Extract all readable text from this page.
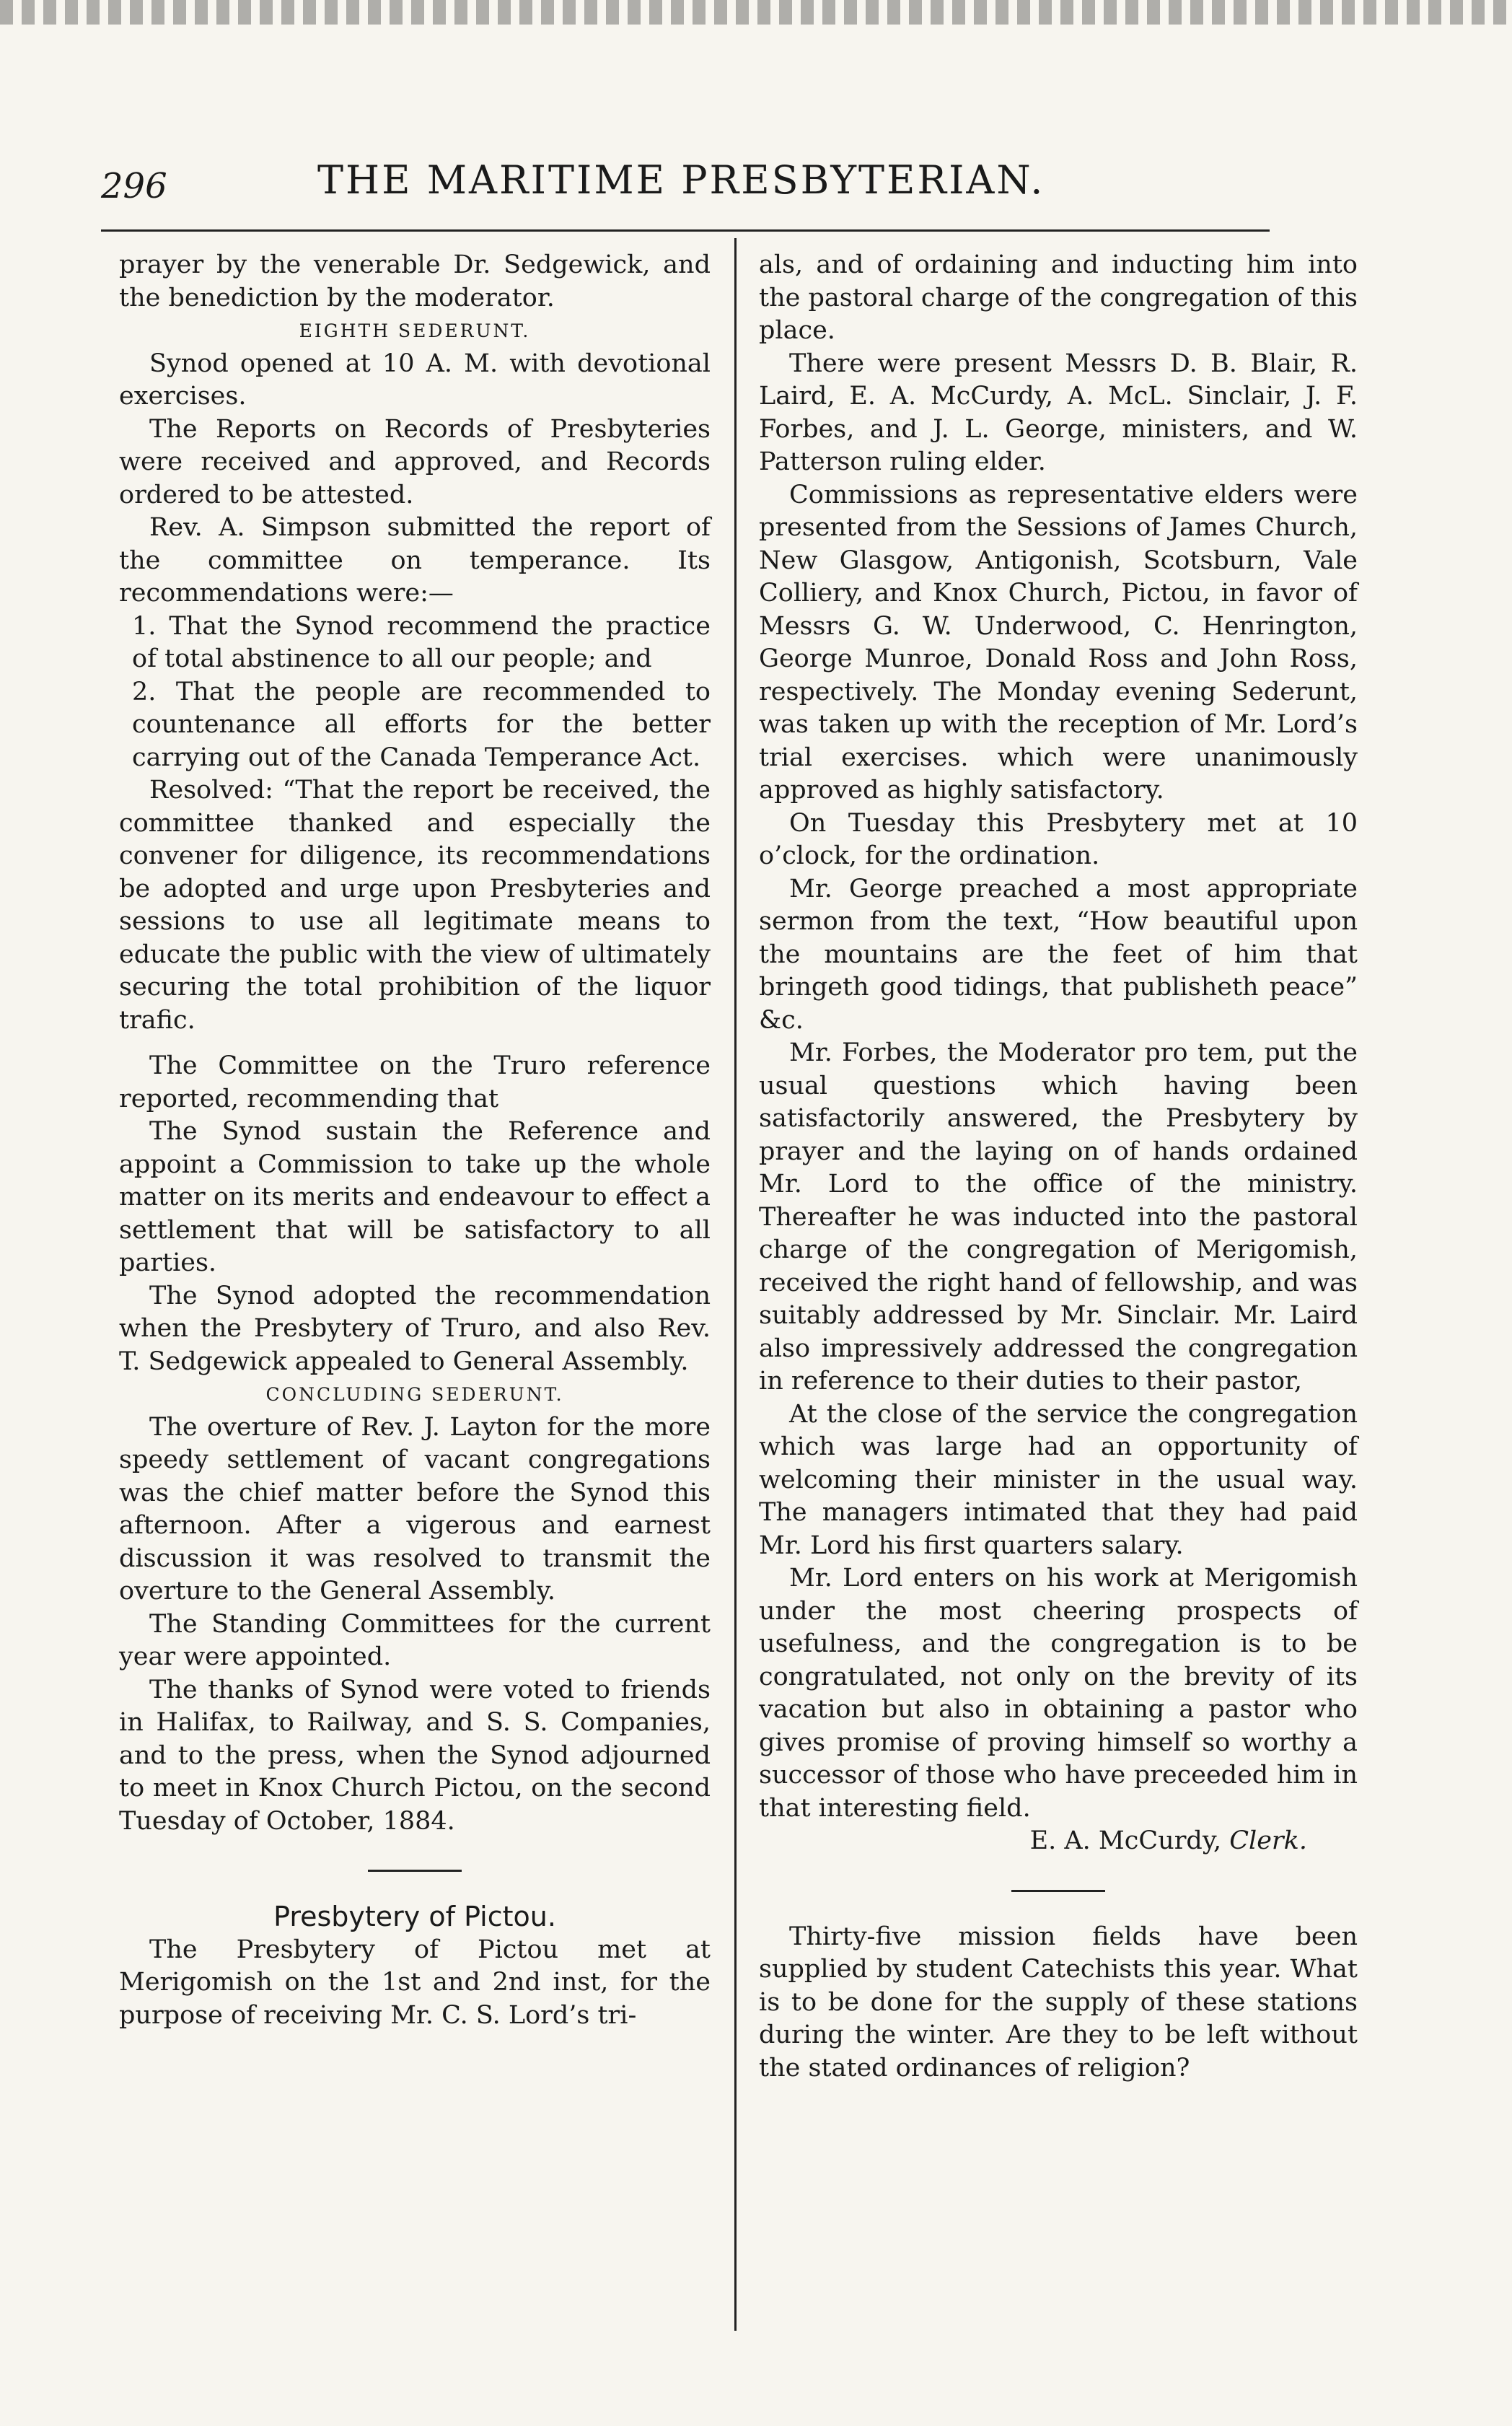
296	THE MARITIME PRESBYTERIAN.

prayer by the venerable Dr. Sedgewick, and the benediction by the moderator.

EIGHTH SEDERUNT.

Synod opened at 10 A. M. with devotional exercises.

The Reports on Records of Presbyteries were received and approved, and Records ordered to be attested.

Rev. A. Simpson submitted the report of the committee on temperance. Its recommendations were:—

1. That the Synod recommend the practice of total abstinence to all our people; and

2. That the people are recommended to countenance all efforts for the better carrying out of the Canada Temperance Act.

Resolved: “That the report be received, the committee thanked and especially the convener for diligence, its recommendations be adopted and urge upon Presbyteries and sessions to use all legitimate means to educate the public with the view of ultimately securing the total prohibition of the liquor trafic.

The Committee on the Truro reference reported, recommending that

The Synod sustain the Reference and appoint a Commission to take up the whole matter on its merits and endeavour to effect a settlement that will be satisfactory to all parties.

The Synod adopted the recommendation when the Presbytery of Truro, and also Rev. T. Sedgewick appealed to General Assembly.

CONCLUDING SEDERUNT.

The overture of Rev. J. Layton for the more speedy settlement of vacant congregations was the chief matter before the Synod this afternoon. After a vigerous and earnest discussion it was resolved to transmit the overture to the General Assembly.

The Standing Committees for the current year were appointed.

The thanks of Synod were voted to friends in Halifax, to Railway, and S. S. Companies, and to the press, when the Synod adjourned to meet in Knox Church Pictou, on the second Tuesday of October, 1884.

Presbytery of Pictou.

The Presbytery of Pictou met at Merigomish on the 1st and 2nd inst, for the purpose of receiving Mr. C. S. Lord’s tri-

als, and of ordaining and inducting him into the pastoral charge of the congregation of this place.

There were present Messrs D. B. Blair, R. Laird, E. A. McCurdy, A. McL. Sinclair, J. F. Forbes, and J. L. George, ministers, and W. Patterson ruling elder.

Commissions as representative elders were presented from the Sessions of James Church, New Glasgow, Antigonish, Scotsburn, Vale Colliery, and Knox Church, Pictou, in favor of Messrs G. W. Underwood, C. Henrington, George Munroe, Donald Ross and John Ross, respectively. The Monday evening Sederunt, was taken up with the reception of Mr. Lord’s trial exercises. which were unanimously approved as highly satisfactory.

On Tuesday this Presbytery met at 10 o’clock, for the ordination.

Mr. George preached a most appropriate sermon from the text, “How beautiful upon the mountains are the feet of him that bringeth good tidings, that publisheth peace” &c.

Mr. Forbes, the Moderator pro tem, put the usual questions which having been satisfactorily answered, the Presbytery by prayer and the laying on of hands ordained Mr. Lord to the office of the ministry. Thereafter he was inducted into the pastoral charge of the congregation of Merigomish, received the right hand of fellowship, and was suitably addressed by Mr. Sinclair. Mr. Laird also impressively addressed the congregation in reference to their duties to their pastor,

At the close of the service the congregation which was large had an opportunity of welcoming their minister in the usual way. The managers intimated that they had paid Mr. Lord his first quarters salary.

Mr. Lord enters on his work at Merigomish under the most cheering prospects of usefulness, and the congregation is to be congratulated, not only on the brevity of its vacation but also in obtaining a pastor who gives promise of proving himself so worthy a successor of those who have preceeded him in that interesting field.

E. A. McCurdy, Clerk.

Thirty-five mission fields have been supplied by student Catechists this year. What is to be done for the supply of these stations during the winter. Are they to be left without the stated ordinances of religion?
